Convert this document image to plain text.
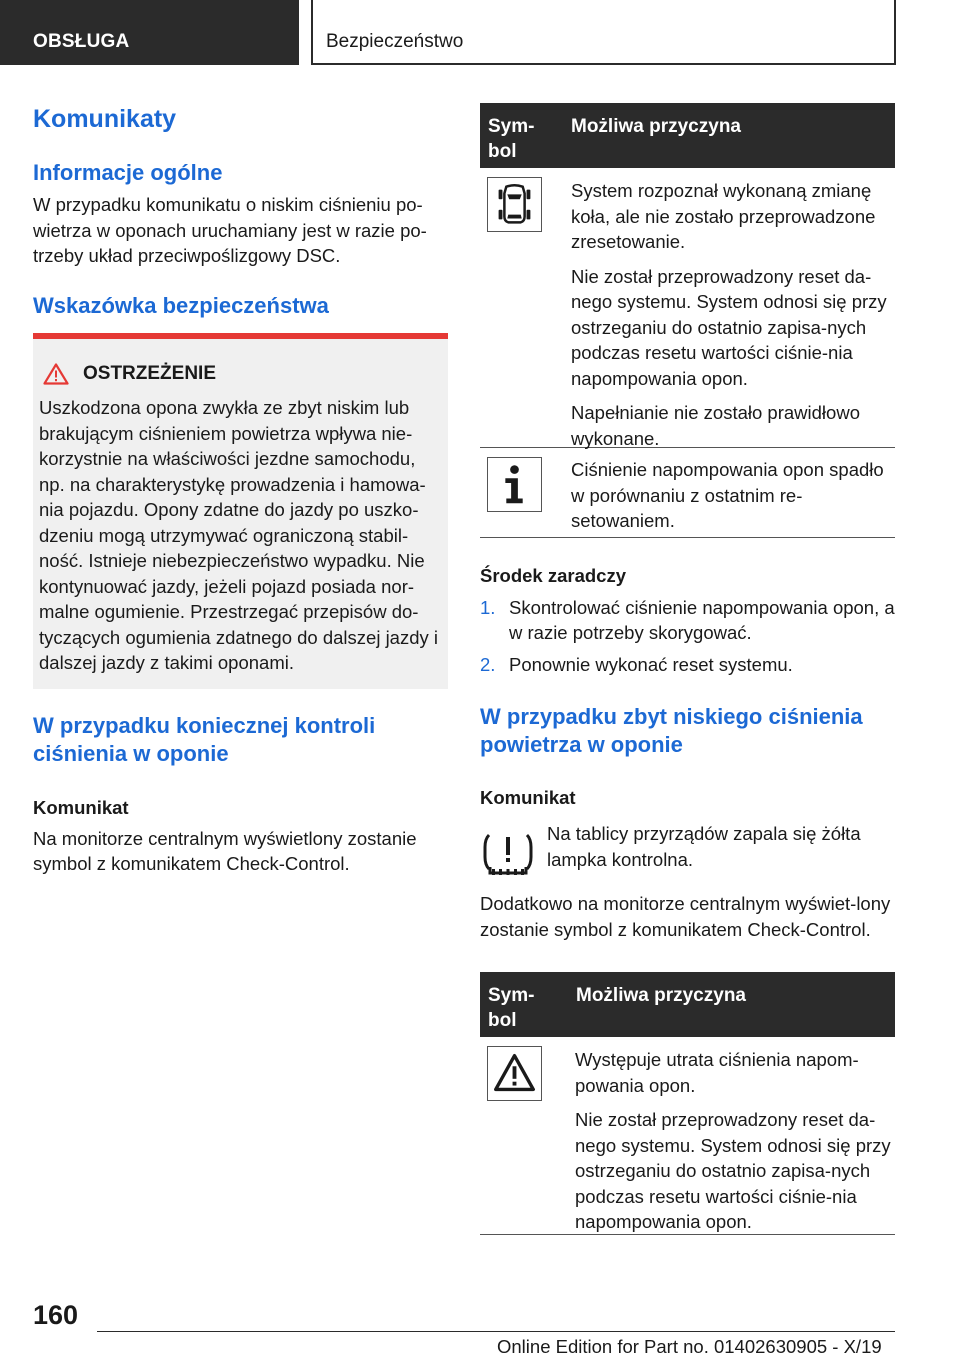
OBSŁUGA	Bezpieczeństwo
Komunikaty
Informacje ogólne
W przypadku komunikatu o niskim ciśnieniu po-wietrza w oponach uruchamiany jest w razie po-trzeby układ przeciwpoślizgowy DSC.
Wskazówka bezpieczeństwa
OSTRZEŻENIE
Uszkodzona opona zwykła ze zbyt niskim lub brakującym ciśnieniem powietrza wpływa nie-korzystnie na właściwości jezdne samochodu, np. na charakterystykę prowadzenia i hamowa-nia pojazdu. Opony zdatne do jazdy po uszko-dzeniu mogą utrzymywać ograniczoną stabil-ność. Istnieje niebezpieczeństwo wypadku. Nie kontynuować jazdy, jeżeli pojazd posiada nor-malne ogumienie. Przestrzegać przepisów do-tyczących ogumienia zdatnego do dalszej jazdy i dalszej jazdy z takimi oponami.
W przypadku koniecznej kontroli ciśnienia w oponie
Komunikat
Na monitorze centralnym wyświetlony zostanie symbol z komunikatem Check-Control.
Sym-bol
Możliwa przyczyna
System rozpoznał wykonaną zmianę koła, ale nie zostało przeprowadzone zresetowanie.
Nie został przeprowadzony reset da-nego systemu. System odnosi się przy ostrzeganiu do ostatnio zapisa-nych podczas resetu wartości ciśnie-nia napompowania opon.
Napełnianie nie zostało prawidłowo wykonane.
Ciśnienie napompowania opon spadło w porównaniu z ostatnim re-setowaniem.
Środek zaradczy
1. Skontrolować ciśnienie napompowania opon, a w razie potrzeby skorygować.
2. Ponownie wykonać reset systemu.
W przypadku zbyt niskiego ciśnienia powietrza w oponie
Komunikat
Na tablicy przyrządów zapala się żółta lampka kontrolna.
Dodatkowo na monitorze centralnym wyświet-lony zostanie symbol z komunikatem Check-Control.
Sym-bol
Możliwa przyczyna
Występuje utrata ciśnienia napom-powania opon.
Nie został przeprowadzony reset da-nego systemu. System odnosi się przy ostrzeganiu do ostatnio zapisa-nych podczas resetu wartości ciśnie-nia napompowania opon.
160
Online Edition for Part no. 01402630905 - X/19
